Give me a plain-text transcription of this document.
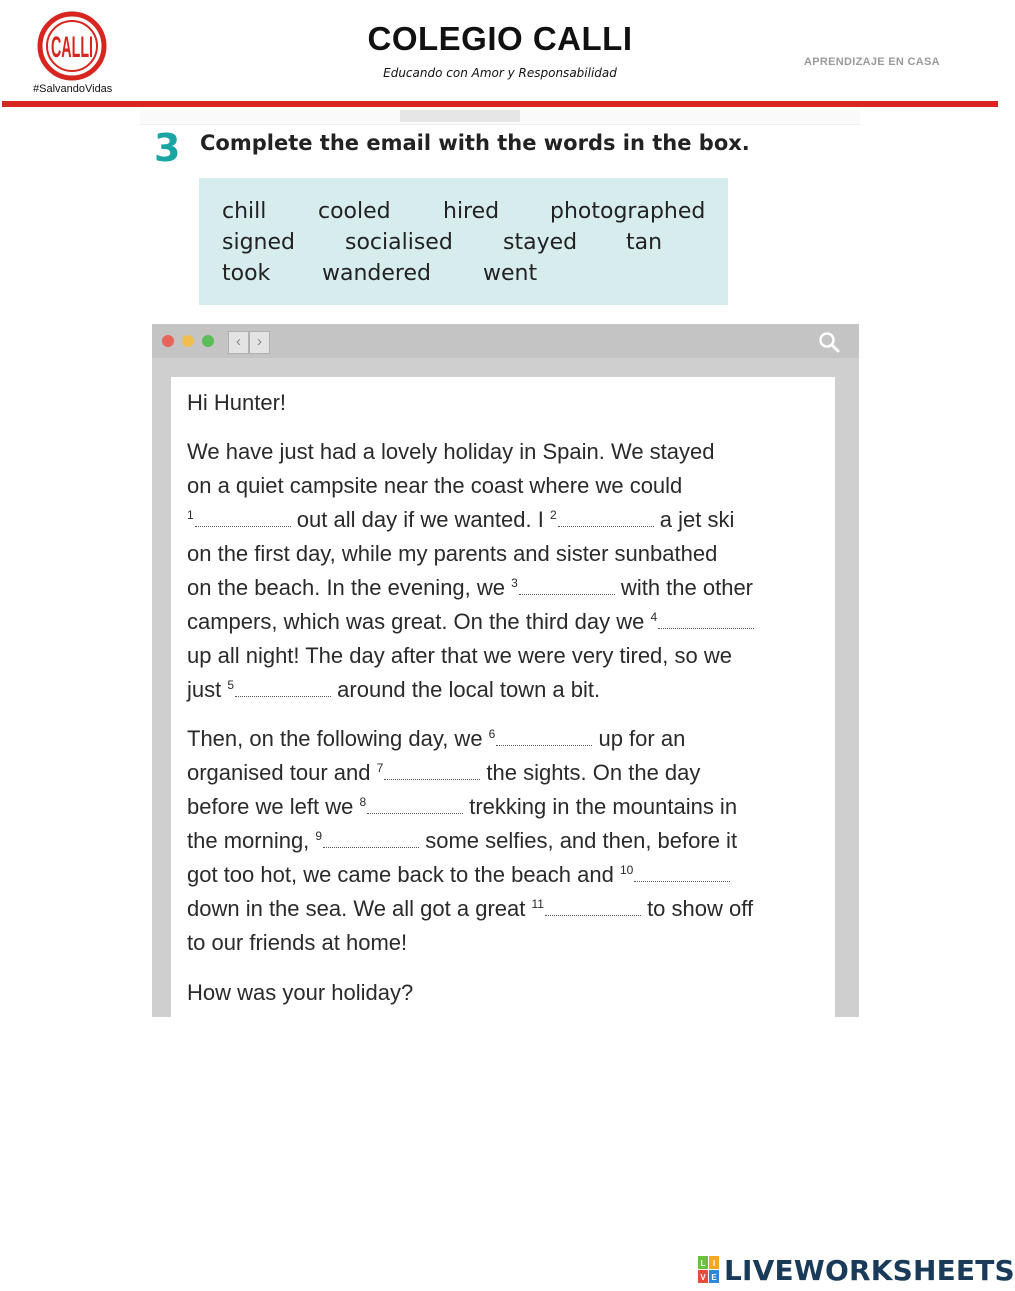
CALLI
#SalvandoVidas
COLEGIO CALLI
Educando con Amor y Responsabilidad
APRENDIZAJE EN CASA
3 Complete the email with the words in the box.
chill cooled hired photographed
signed socialised stayed tan
took wandered went
‹	›
Hi Hunter!
We have just had a lovely holiday in Spain. We stayed
on a quiet campsite near the coast where we could
$^1$	out all day if we wanted. I $^2$	a jet ski
on the first day, while my parents and sister sunbathed
on the beach. In the evening, we $^3$	with the other
campers, which was great. On the third day we $^4$
up all night! The day after that we were very tired, so we
just $^5$	around the local town a bit.
Then, on the following day, we $^6$	up for an
organised tour and $^7$	the sights. On the day
before we left we $^8$	trekking in the mountains in
the morning, $^9$	some selfies, and then, before it
got too hot, we came back to the beach and $^{10}$
down in the sea. We all got a great $^{11}$	to show off
to our friends at home!
How was your holiday?
L I
V E LIVEWORKSHEETS
